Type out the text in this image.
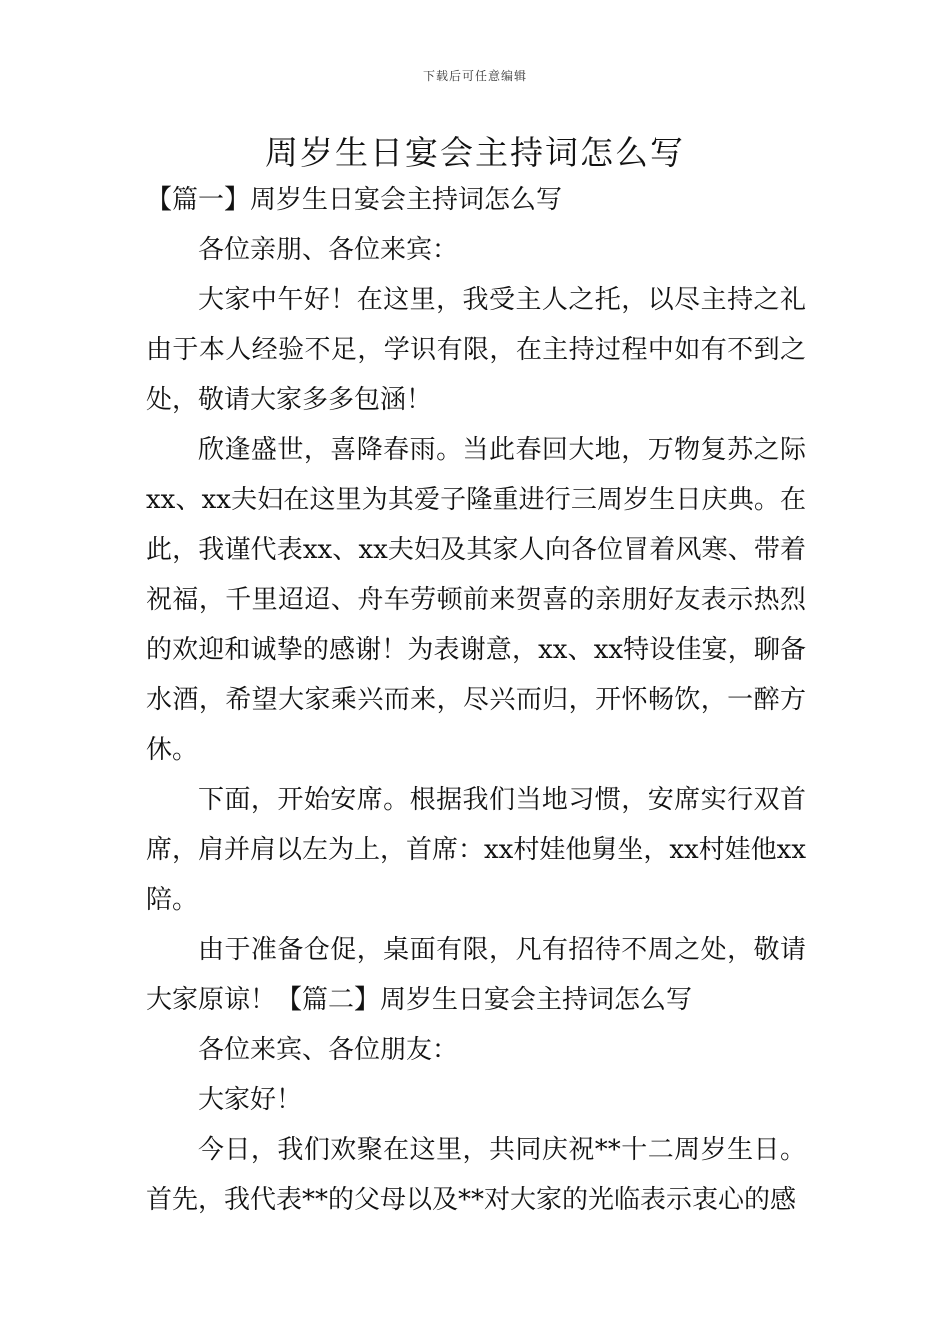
下载后可任意编辑
周岁生日宴会主持词怎么写

【篇一】周岁生日宴会主持词怎么写

各位亲朋、各位来宾：

大家中午好！在这里，我受主人之托，以尽主持之礼由于本人经验不足，学识有限，在主持过程中如有不到之处，敬请大家多多包涵！

欣逢盛世，喜降春雨。当此春回大地，万物复苏之际xx、xx夫妇在这里为其爱子隆重进行三周岁生日庆典。在此，我谨代表xx、xx夫妇及其家人向各位冒着风寒、带着祝福，千里迢迢、舟车劳顿前来贺喜的亲朋好友表示热烈的欢迎和诚挚的感谢！为表谢意，xx、xx特设佳宴，聊备水酒，希望大家乘兴而来，尽兴而归，开怀畅饮，一醉方休。

下面，开始安席。根据我们当地习惯，安席实行双首席，肩并肩以左为上，首席：xx村娃他舅坐，xx村娃他xx陪。

由于准备仓促，桌面有限，凡有招待不周之处，敬请大家原谅！【篇二】周岁生日宴会主持词怎么写

各位来宾、各位朋友：

大家好！

今日，我们欢聚在这里，共同庆祝**十二周岁生日。首先，我代表**的父母以及**对大家的光临表示衷心的感
